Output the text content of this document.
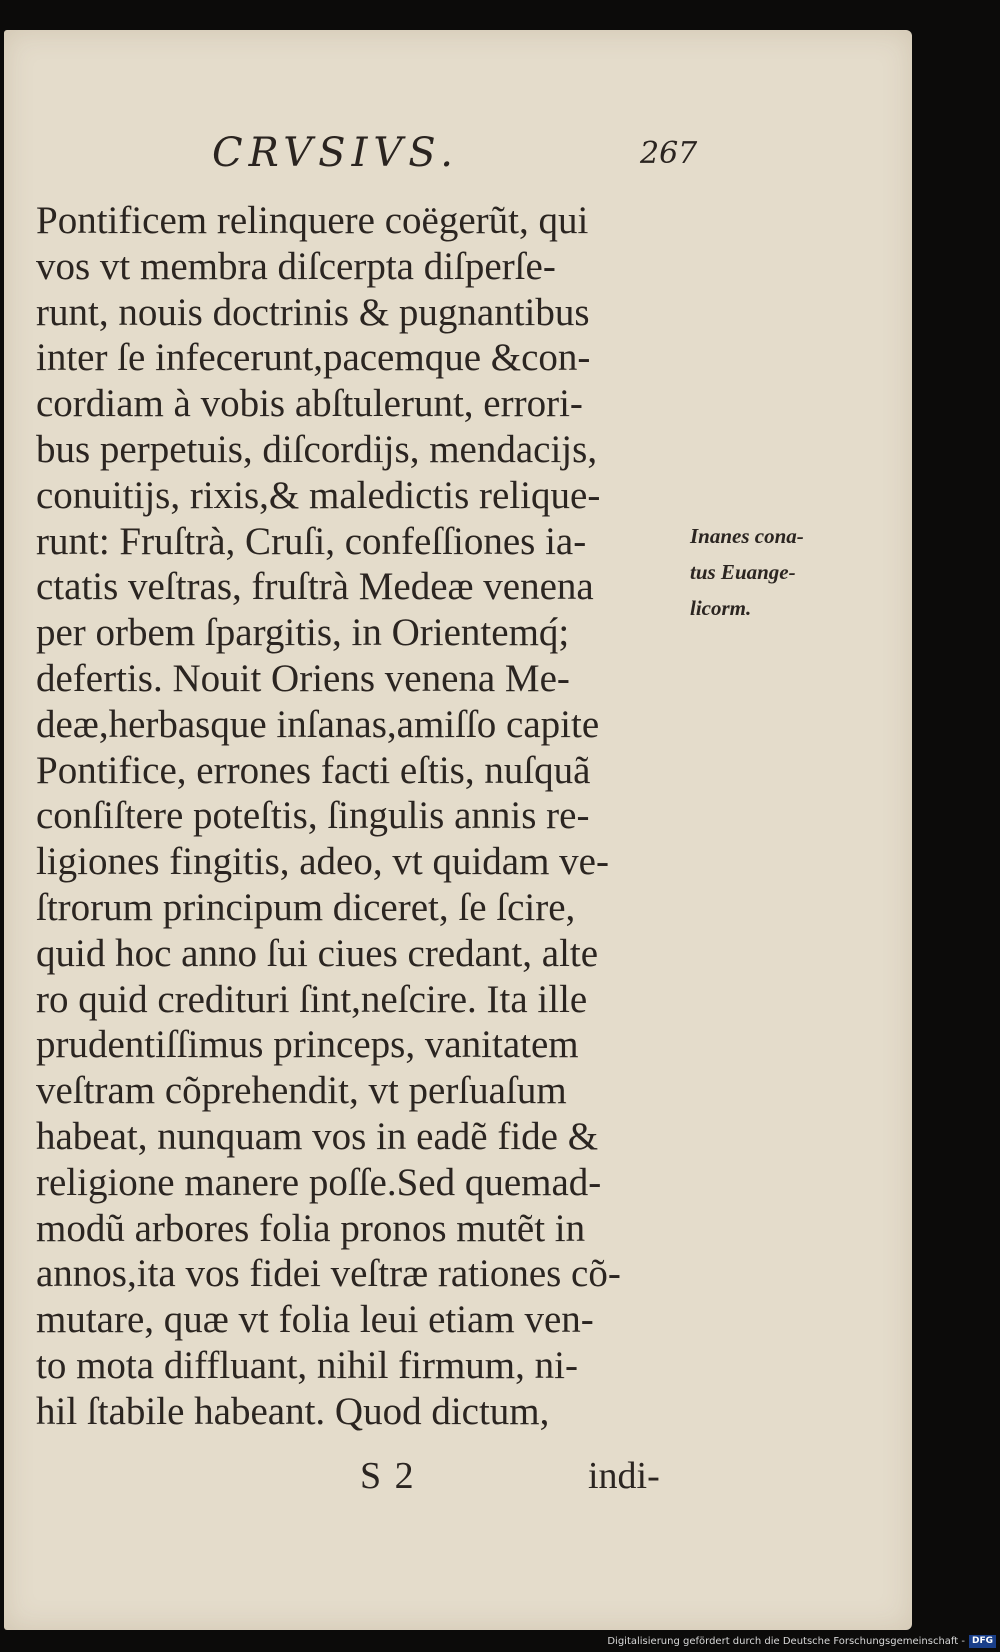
CRVSIVS.	267
Pontificem relinquere coëgerũt, qui
vos vt membra diſcerpta diſperſe-
runt, nouis doctrinis & pugnantibus
inter ſe infecerunt,pacemque &con-
cordiam à vobis abſtulerunt, errori-
bus perpetuis, diſcordijs, mendacijs,
conuitijs, rixis,& maledictis relique-
runt: Fruſtrà, Cruſi, confeſſiones ia-
ctatis veſtras, fruſtrà Medeæ venena
per orbem ſpargitis, in Orientemq́;
defertis. Nouit Oriens venena Me-
deæ,herbasque inſanas,amiſſo capite
Pontifice, errones facti eſtis, nuſquã
conſiſtere poteſtis, ſingulis annis re-
ligiones fingitis, adeo, vt quidam ve-
ſtrorum principum diceret, ſe ſcire,
quid hoc anno ſui ciues credant, alte
ro quid credituri ſint,neſcire. Ita ille
prudentiſſimus princeps, vanitatem
veſtram cõprehendit, vt perſuaſum
habeat, nunquam vos in eadẽ fide &
religione manere poſſe.Sed quemad-
modũ arbores folia pronos mutẽt in
annos,ita vos fidei veſtræ rationes cõ-
mutare, quæ vt folia leui etiam ven-
to mota diffluant, nihil firmum, ni-
hil ſtabile habeant. Quod dictum,
Inanes cona-
tus Euange-
licorm.
S 2	indi-
Digitalisierung gefördert durch die Deutsche Forschungsgemeinschaft - DFG
